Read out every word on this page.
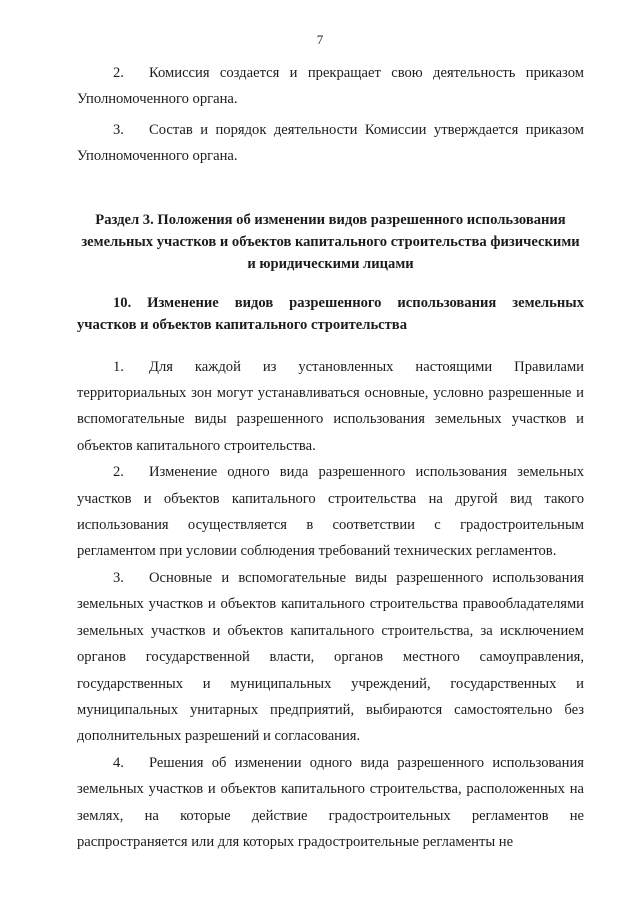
7

2. Комиссия создается и прекращает свою деятельность приказом Уполномоченного органа.

3. Состав и порядок деятельности Комиссии утверждается приказом Уполномоченного органа.

Раздел 3. Положения об изменении видов разрешенного использования земельных участков и объектов капитального строительства физическими и юридическими лицами
10. Изменение видов разрешенного использования земельных участков и объектов капитального строительства

1. Для каждой из установленных настоящими Правилами территориальных зон могут устанавливаться основные, условно разрешенные и вспомогательные виды разрешенного использования земельных участков и объектов капитального строительства.

2. Изменение одного вида разрешенного использования земельных участков и объектов капитального строительства на другой вид такого использования осуществляется в соответствии с градостроительным регламентом при условии соблюдения требований технических регламентов.

3. Основные и вспомогательные виды разрешенного использования земельных участков и объектов капитального строительства правообладателями земельных участков и объектов капитального строительства, за исключением органов государственной власти, органов местного самоуправления, государственных и муниципальных учреждений, государственных и муниципальных унитарных предприятий, выбираются самостоятельно без дополнительных разрешений и согласования.

4. Решения об изменении одного вида разрешенного использования земельных участков и объектов капитального строительства, расположенных на землях, на которые действие градостроительных регламентов не распространяется или для которых градостроительные регламенты не
